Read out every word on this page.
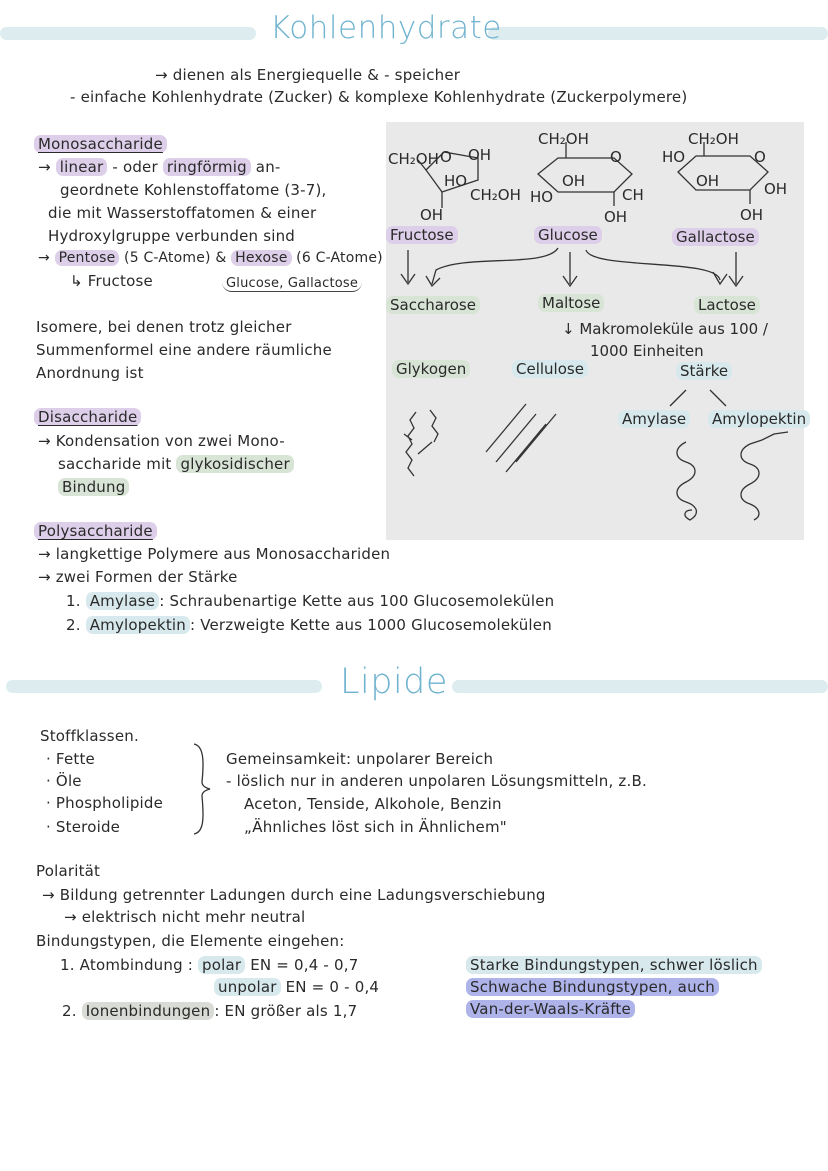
Kohlenhydrate
→ dienen als Energiequelle & - speicher
- einfache Kohlenhydrate (Zucker) & komplexe Kohlenhydrate (Zuckerpolymere)
Monosaccharide
→ linear - oder ringförmig an-
geordnete Kohlenstoffatome (3-7),
die mit Wasserstoffatomen & einer
Hydroxylgruppe verbunden sind
→ Pentose (5 C-Atome) & Hexose (6 C-Atome)
↳ Fructose	Glucose, Gallactose
Isomere, bei denen trotz gleicher
Summenformel eine andere räumliche
Anordnung ist
Disaccharide
→ Kondensation von zwei Mono-
saccharide mit glykosidischer
Bindung
CH₂OH O OH
HO
CH₂OH
OH
CH₂OH
O
OH
HO	CH
OH
CH₂OH
HO	O
OH	OH
OH
Fructose	Glucose	Gallactose
Saccharose	Maltose	Lactose
↓ Makromoleküle aus 100 /
1000 Einheiten
Glykogen	Cellulose	Stärke
Amylase Amylopektin
Polysaccharide
→ langkettige Polymere aus Monosacchariden
→ zwei Formen der Stärke
1. Amylase : Schraubenartige Kette aus 100 Glucosemolekülen
2. Amylopektin : Verzweigte Kette aus 1000 Glucosemolekülen
Lipide
Stoffklassen.
· Fette
· Öle
· Phospholipide
· Steroide
Gemeinsamkeit: unpolarer Bereich
- löslich nur in anderen unpolaren Lösungsmitteln, z.B.
Aceton, Tenside, Alkohole, Benzin
„Ähnliches löst sich in Ähnlichem"
Polarität
→ Bildung getrennter Ladungen durch eine Ladungsverschiebung
→ elektrisch nicht mehr neutral
Bindungstypen, die Elemente eingehen:
1. Atombindung : polar EN = 0,4 - 0,7
unpolar EN = 0 - 0,4
2. Ionenbindungen : EN größer als 1,7
Starke Bindungstypen, schwer löslich
Schwache Bindungstypen, auch
Van-der-Waals-Kräfte
